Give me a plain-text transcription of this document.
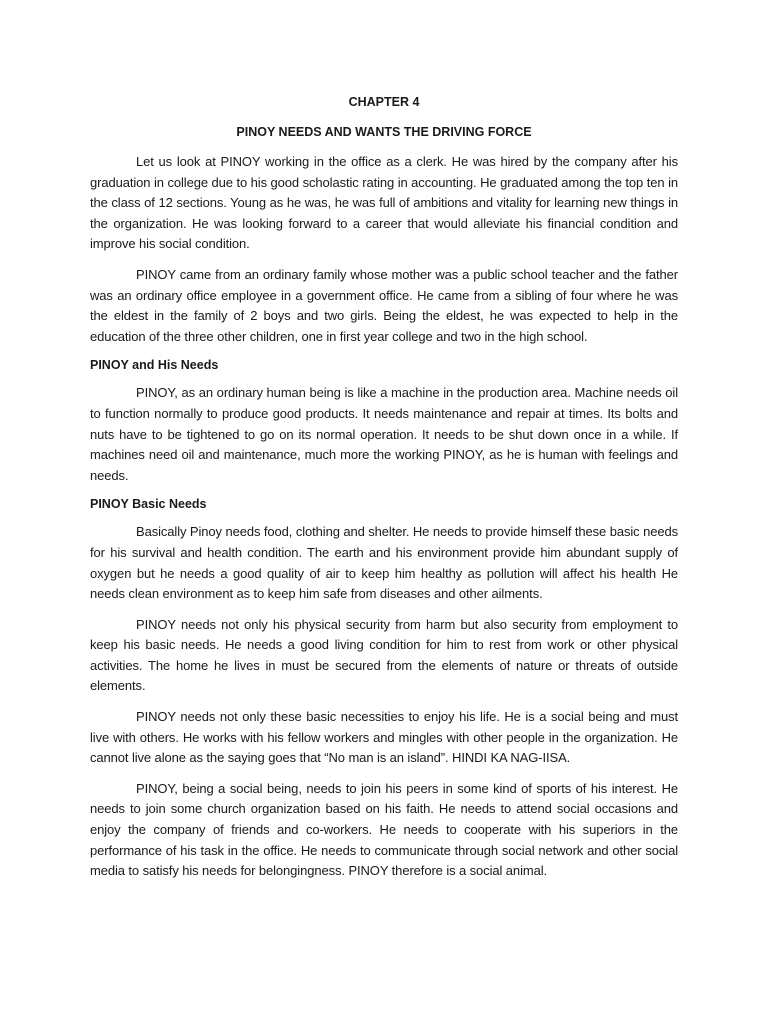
CHAPTER 4
PINOY NEEDS AND WANTS THE DRIVING FORCE

Let us look at PINOY working in the office as a clerk. He was hired by the company after his graduation in college due to his good scholastic rating in accounting. He graduated among the top ten in the class of 12 sections. Young as he was, he was full of ambitions and vitality for learning new things in the organization. He was looking forward to a career that would alleviate his financial condition and improve his social condition.

PINOY came from an ordinary family whose mother was a public school teacher and the father was an ordinary office employee in a government office. He came from a sibling of four where he was the eldest in the family of 2 boys and two girls. Being the eldest, he was expected to help in the education of the three other children, one in first year college and two in the high school.

PINOY and His Needs

PINOY, as an ordinary human being is like a machine in the production area. Machine needs oil to function normally to produce good products. It needs maintenance and repair at times. Its bolts and nuts have to be tightened to go on its normal operation. It needs to be shut down once in a while. If machines need oil and maintenance, much more the working PINOY, as he is human with feelings and needs.

PINOY Basic Needs

Basically Pinoy needs food, clothing and shelter. He needs to provide himself these basic needs for his survival and health condition. The earth and his environment provide him abundant supply of oxygen but he needs a good quality of air to keep him healthy as pollution will affect his health He needs clean environment as to keep him safe from diseases and other ailments.

PINOY needs not only his physical security from harm but also security from employment to keep his basic needs. He needs a good living condition for him to rest from work or other physical activities. The home he lives in must be secured from the elements of nature or threats of outside elements.

PINOY needs not only these basic necessities to enjoy his life. He is a social being and must live with others. He works with his fellow workers and mingles with other people in the organization. He cannot live alone as the saying goes that “No man is an island”. HINDI KA NAG-IISA.

PINOY, being a social being, needs to join his peers in some kind of sports of his interest. He needs to join some church organization based on his faith. He needs to attend social occasions and enjoy the company of friends and co-workers. He needs to cooperate with his superiors in the performance of his task in the office. He needs to communicate through social network and other social media to satisfy his needs for belongingness. PINOY therefore is a social animal.
